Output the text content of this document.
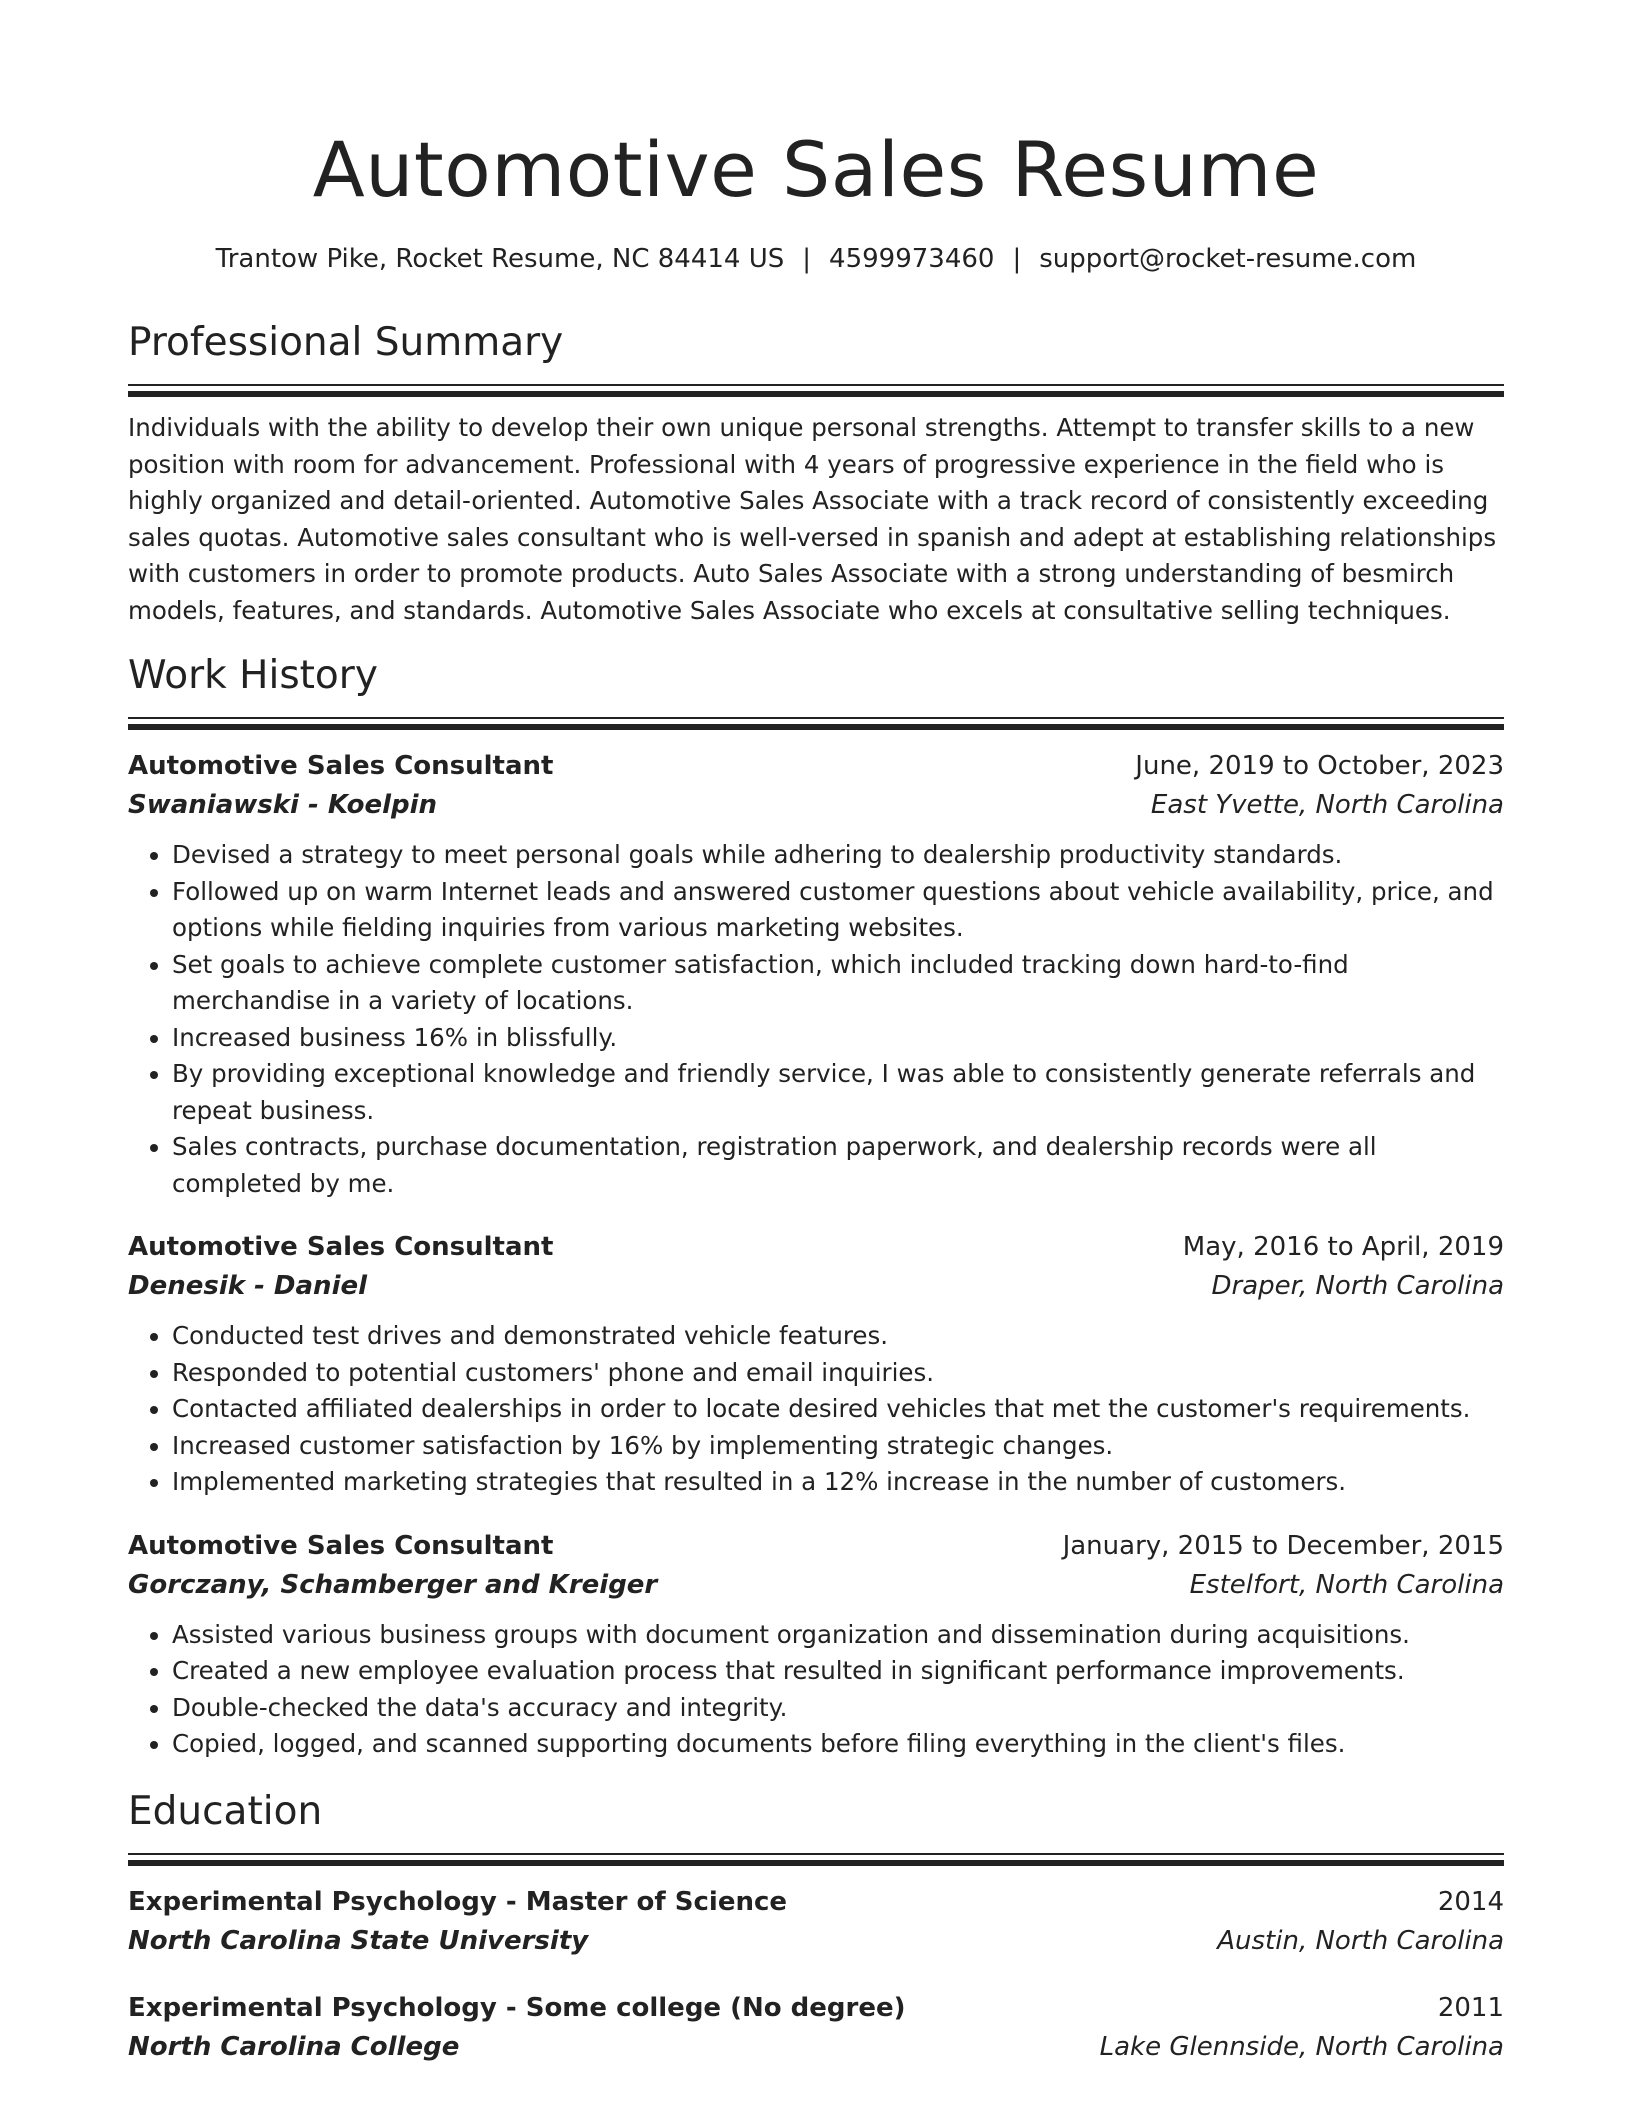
Automotive Sales Resume
Trantow Pike, Rocket Resume, NC 84414 US | 4599973460 | support@rocket-resume.com
Professional Summary
Individuals with the ability to develop their own unique personal strengths. Attempt to transfer skills to a new position with room for advancement. Professional with 4 years of progressive experience in the field who is highly organized and detail-oriented. Automotive Sales Associate with a track record of consistently exceeding sales quotas. Automotive sales consultant who is well-versed in spanish and adept at establishing relationships with customers in order to promote products. Auto Sales Associate with a strong understanding of besmirch models, features, and standards. Automotive Sales Associate who excels at consultative selling techniques.
Work History
Automotive Sales Consultant	June, 2019 to October, 2023
Swaniawski - Koelpin	East Yvette, North Carolina
• Devised a strategy to meet personal goals while adhering to dealership productivity standards.
• Followed up on warm Internet leads and answered customer questions about vehicle availability, price, and options while fielding inquiries from various marketing websites.
• Set goals to achieve complete customer satisfaction, which included tracking down hard-to-find merchandise in a variety of locations.
• Increased business 16% in blissfully.
• By providing exceptional knowledge and friendly service, I was able to consistently generate referrals and repeat business.
• Sales contracts, purchase documentation, registration paperwork, and dealership records were all completed by me.
Automotive Sales Consultant	May, 2016 to April, 2019
Denesik - Daniel	Draper, North Carolina
• Conducted test drives and demonstrated vehicle features.
• Responded to potential customers' phone and email inquiries.
• Contacted affiliated dealerships in order to locate desired vehicles that met the customer's requirements.
• Increased customer satisfaction by 16% by implementing strategic changes.
• Implemented marketing strategies that resulted in a 12% increase in the number of customers.
Automotive Sales Consultant	January, 2015 to December, 2015
Gorczany, Schamberger and Kreiger	Estelfort, North Carolina
• Assisted various business groups with document organization and dissemination during acquisitions.
• Created a new employee evaluation process that resulted in significant performance improvements.
• Double-checked the data's accuracy and integrity.
• Copied, logged, and scanned supporting documents before filing everything in the client's files.
Education
Experimental Psychology - Master of Science	2014
North Carolina State University	Austin, North Carolina
Experimental Psychology - Some college (No degree)	2011
North Carolina College	Lake Glennside, North Carolina
